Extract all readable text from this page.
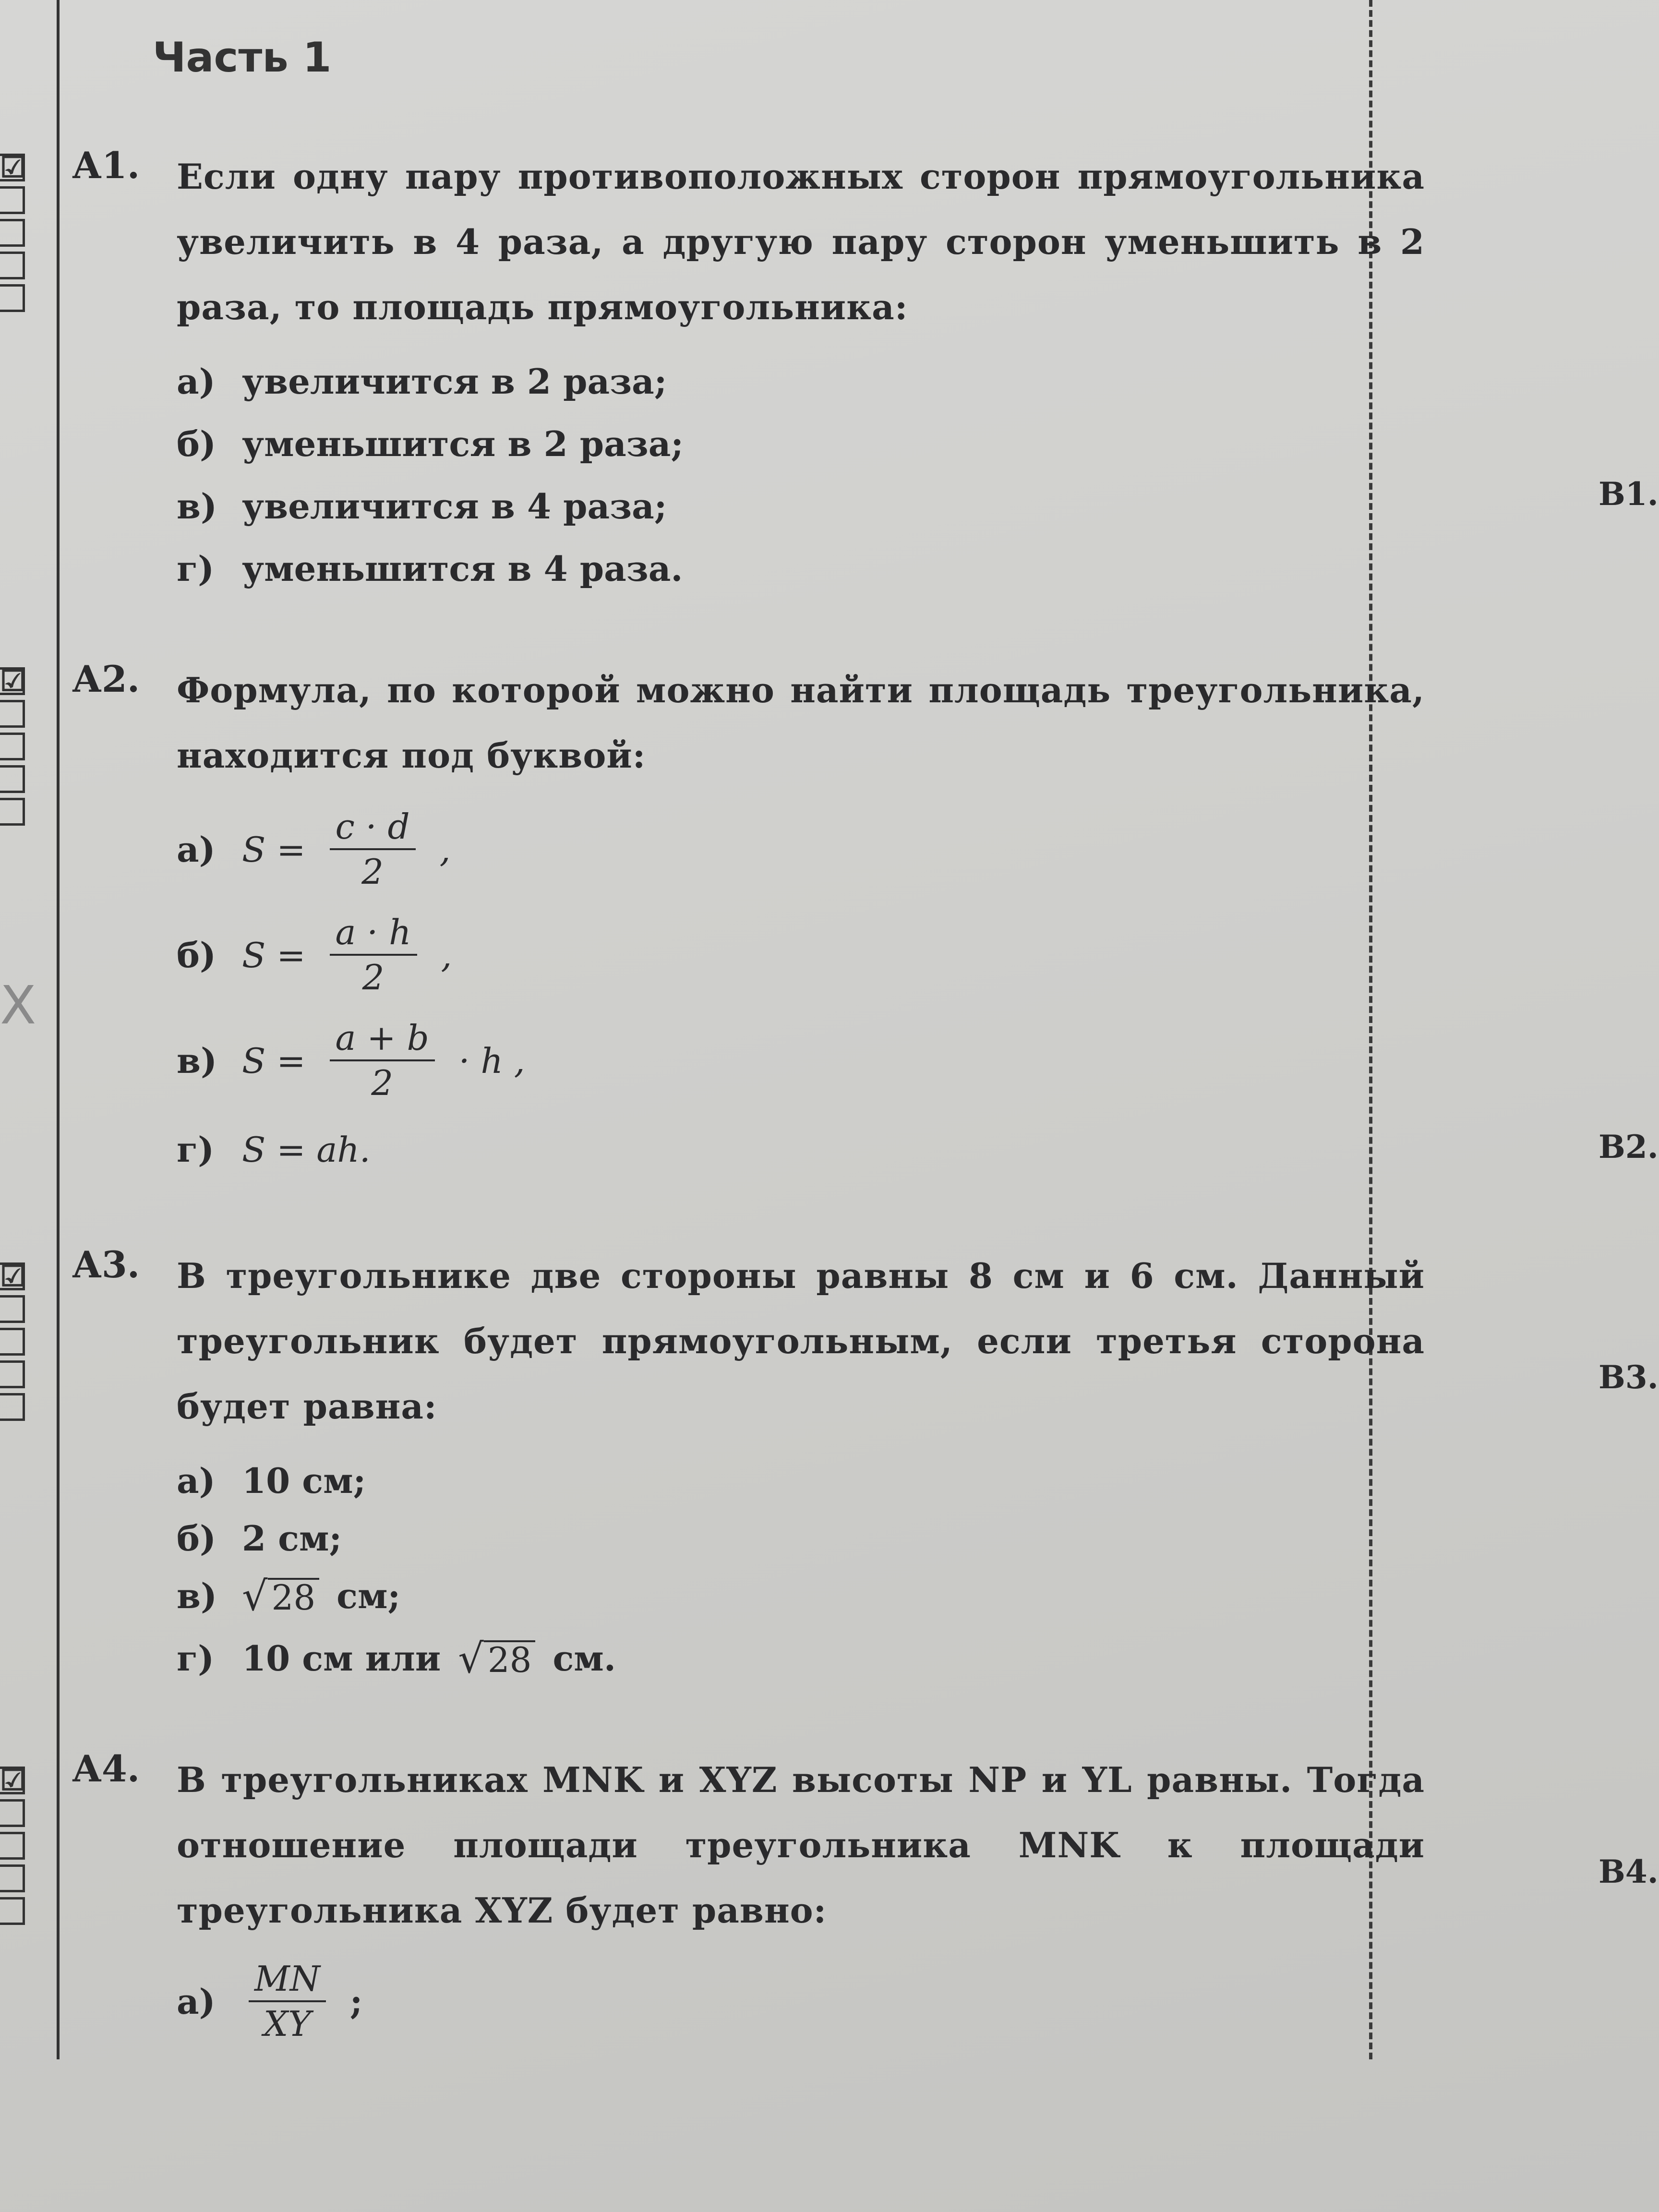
Часть 1
☑
☑
☑
☑
X
В1.
В2.
В3.
В4.
А1. Если одну пару противоположных сторон прямоугольника увеличить в 4 раза, а другую пару сторон уменьшить в 2 раза, то площадь прямоугольника:
а) увеличится в 2 раза;
б) уменьшится в 2 раза;
в) увеличится в 4 раза;
г) уменьшится в 4 раза.
А2. Формула, по которой можно найти площадь треугольника, находится под буквой:
а) $S = \frac{c \cdot d}{2}$ ,
б) $S = \frac{a \cdot h}{2}$ ,
в) $S = \frac{a + b}{2} \cdot h$ ,
г) S = ah.
А3. В треугольнике две стороны равны 8 см и 6 см. Данный треугольник будет прямоугольным, если третья сторона будет равна:
а) 10 см;
б) 2 см;
в) √ 28 см;
г) 10 см или √ 28 см.
А4. В треугольниках MNK и XYZ высоты NP и YL равны. Тогда отношение площади треугольника MNK к площади треугольника XYZ будет равно:
$а) \frac{MN}{XY}$ ;
